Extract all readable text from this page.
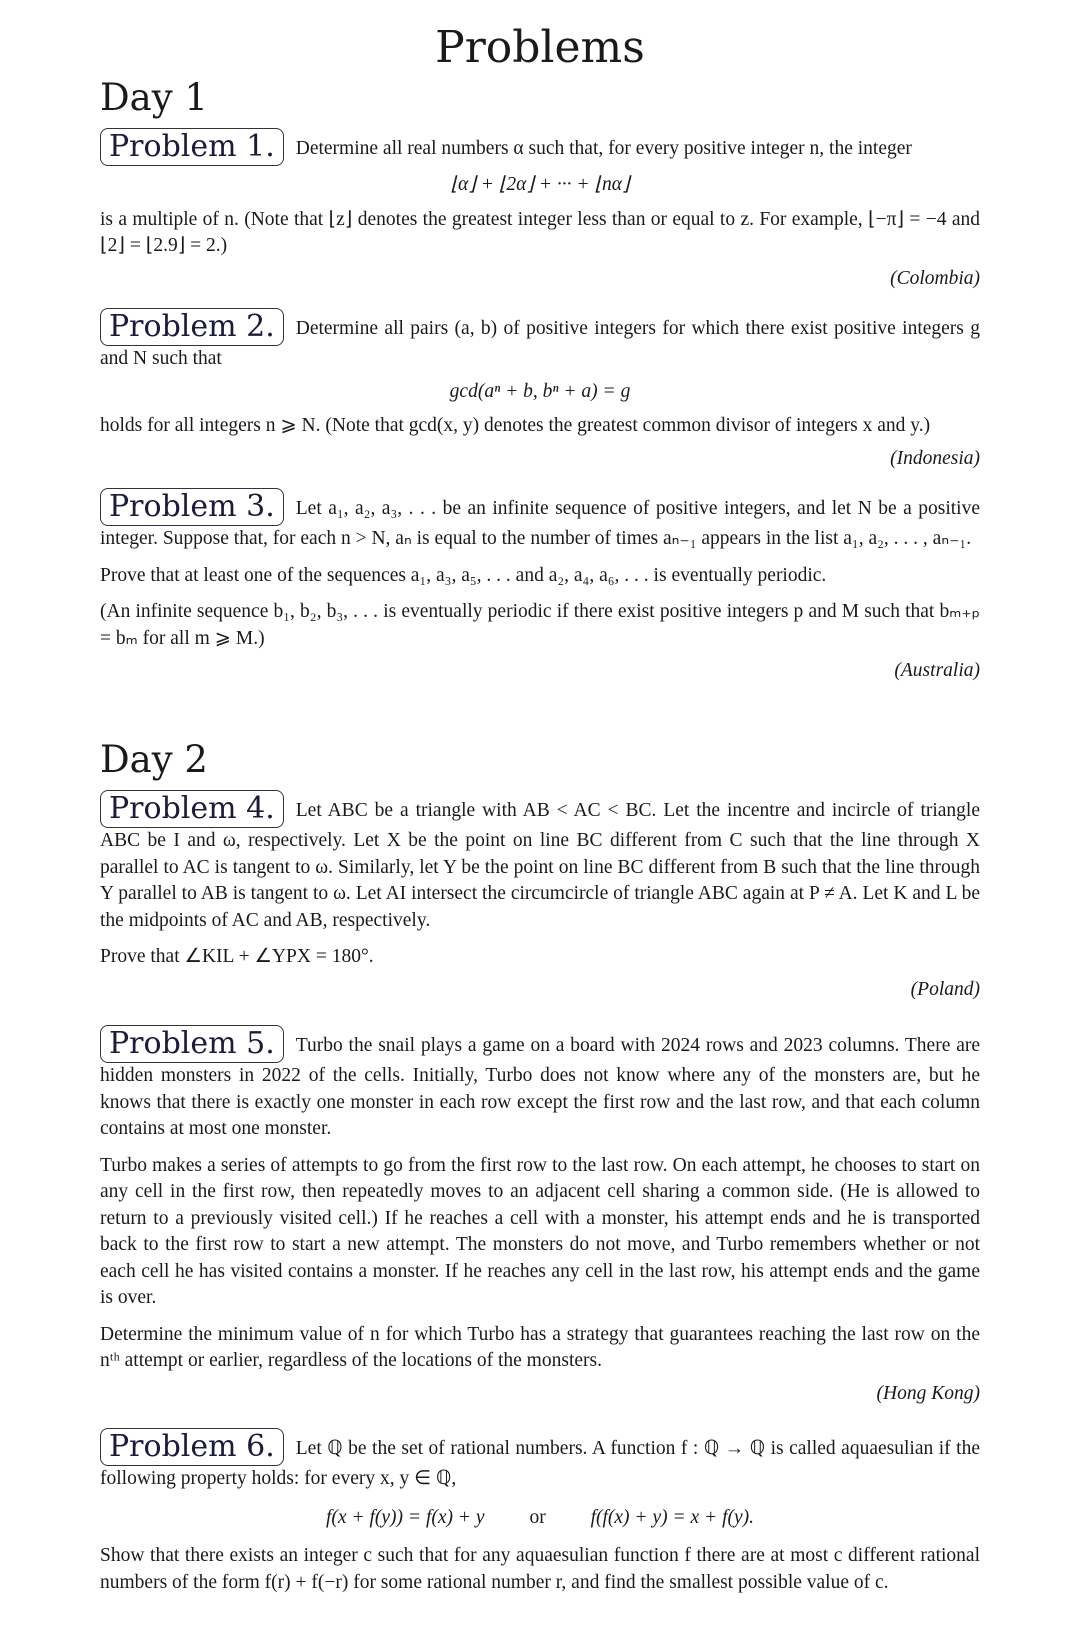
Problems
Day 1
Problem 1. Determine all real numbers α such that, for every positive integer n, the integer
⌊α⌋ + ⌊2α⌋ + ··· + ⌊nα⌋
is a multiple of n. (Note that ⌊z⌋ denotes the greatest integer less than or equal to z. For example, ⌊−π⌋ = −4 and ⌊2⌋ = ⌊2.9⌋ = 2.)
(Colombia)
Problem 2. Determine all pairs (a, b) of positive integers for which there exist positive integers g and N such that
gcd(aⁿ + b, bⁿ + a) = g
holds for all integers n ⩾ N. (Note that gcd(x, y) denotes the greatest common divisor of integers x and y.)
(Indonesia)
Problem 3. Let a₁, a₂, a₃, . . . be an infinite sequence of positive integers, and let N be a positive integer. Suppose that, for each n > N, aₙ is equal to the number of times aₙ₋₁ appears in the list a₁, a₂, . . . , aₙ₋₁.
Prove that at least one of the sequences a₁, a₃, a₅, . . . and a₂, a₄, a₆, . . . is eventually periodic.
(An infinite sequence b₁, b₂, b₃, . . . is eventually periodic if there exist positive integers p and M such that bₘ₊ₚ = bₘ for all m ⩾ M.)
(Australia)
Day 2
Problem 4. Let ABC be a triangle with AB < AC < BC. Let the incentre and incircle of triangle ABC be I and ω, respectively. Let X be the point on line BC different from C such that the line through X parallel to AC is tangent to ω. Similarly, let Y be the point on line BC different from B such that the line through Y parallel to AB is tangent to ω. Let AI intersect the circumcircle of triangle ABC again at P ≠ A. Let K and L be the midpoints of AC and AB, respectively.
Prove that ∠KIL + ∠YPX = 180°.
(Poland)
Problem 5. Turbo the snail plays a game on a board with 2024 rows and 2023 columns. There are hidden monsters in 2022 of the cells. Initially, Turbo does not know where any of the monsters are, but he knows that there is exactly one monster in each row except the first row and the last row, and that each column contains at most one monster.
Turbo makes a series of attempts to go from the first row to the last row. On each attempt, he chooses to start on any cell in the first row, then repeatedly moves to an adjacent cell sharing a common side. (He is allowed to return to a previously visited cell.) If he reaches a cell with a monster, his attempt ends and he is transported back to the first row to start a new attempt. The monsters do not move, and Turbo remembers whether or not each cell he has visited contains a monster. If he reaches any cell in the last row, his attempt ends and the game is over.
Determine the minimum value of n for which Turbo has a strategy that guarantees reaching the last row on the nᵗʰ attempt or earlier, regardless of the locations of the monsters.
(Hong Kong)
Problem 6. Let ℚ be the set of rational numbers. A function f : ℚ → ℚ is called aquaesulian if the following property holds: for every x, y ∈ ℚ,
f(x + f(y)) = f(x) + y or f(f(x) + y) = x + f(y).
Show that there exists an integer c such that for any aquaesulian function f there are at most c different rational numbers of the form f(r) + f(−r) for some rational number r, and find the smallest possible value of c.
